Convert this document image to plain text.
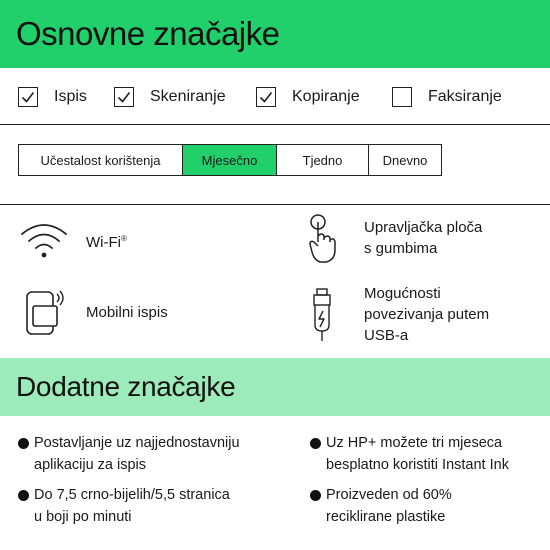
Osnovne značajke
Ispis	Skeniranje	Kopiranje	Faksiranje
Učestalost korištenja	Mjesečno	Tjedno	Dnevno
Wi-Fi®
Upravljačka ploča
s gumbima
Mobilni ispis
Mogućnosti
povezivanja putem
USB-a
Dodatne značajke
Postavljanje uz najjednostavniju
aplikaciju za ispis
Do 7,5 crno-bijelih/5,5 stranica
u boji po minuti
Uz HP+ možete tri mjeseca
besplatno koristiti Instant Ink
Proizveden od 60%
reciklirane plastike
